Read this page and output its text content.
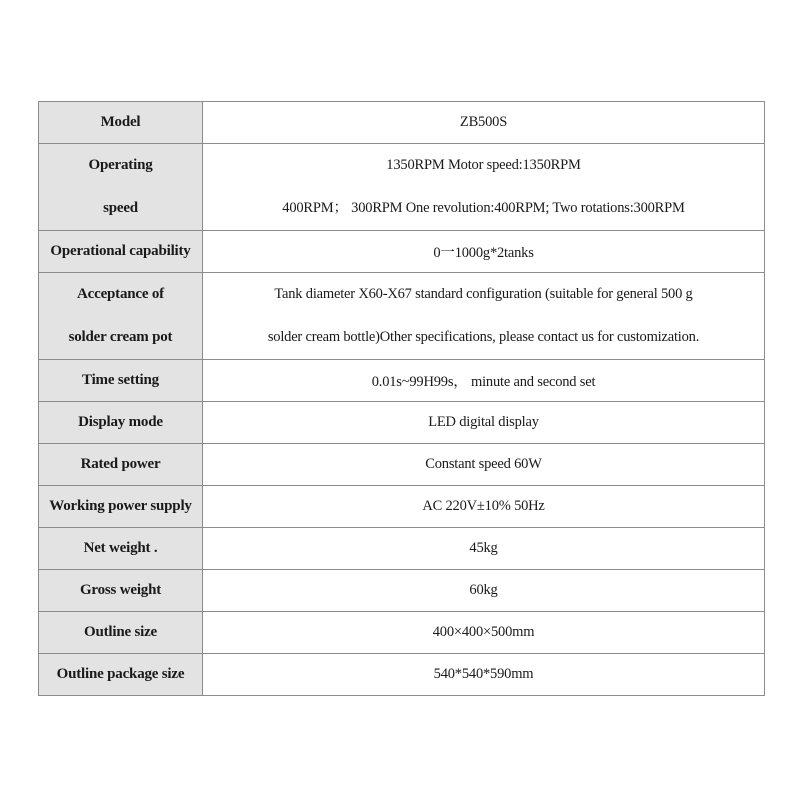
Model	ZB500S

Operating
speed	1350RPM Motor speed:1350RPM
400RPM； 300RPM One revolution:400RPM; Two rotations:300RPM

Operational capability	0一1000g*2tanks

Acceptance of
solder cream pot	Tank diameter X60-X67 standard configuration (suitable for general 500 g
solder cream bottle)Other specifications, please contact us for customization.

Time setting	0.01s~99H99s， minute and second set

Display mode	LED digital display

Rated power	Constant speed 60W

Working power supply	AC 220V±10% 50Hz

Net weight .	45kg

Gross weight	60kg

Outline size	400×400×500mm

Outline package size	540*540*590mm
